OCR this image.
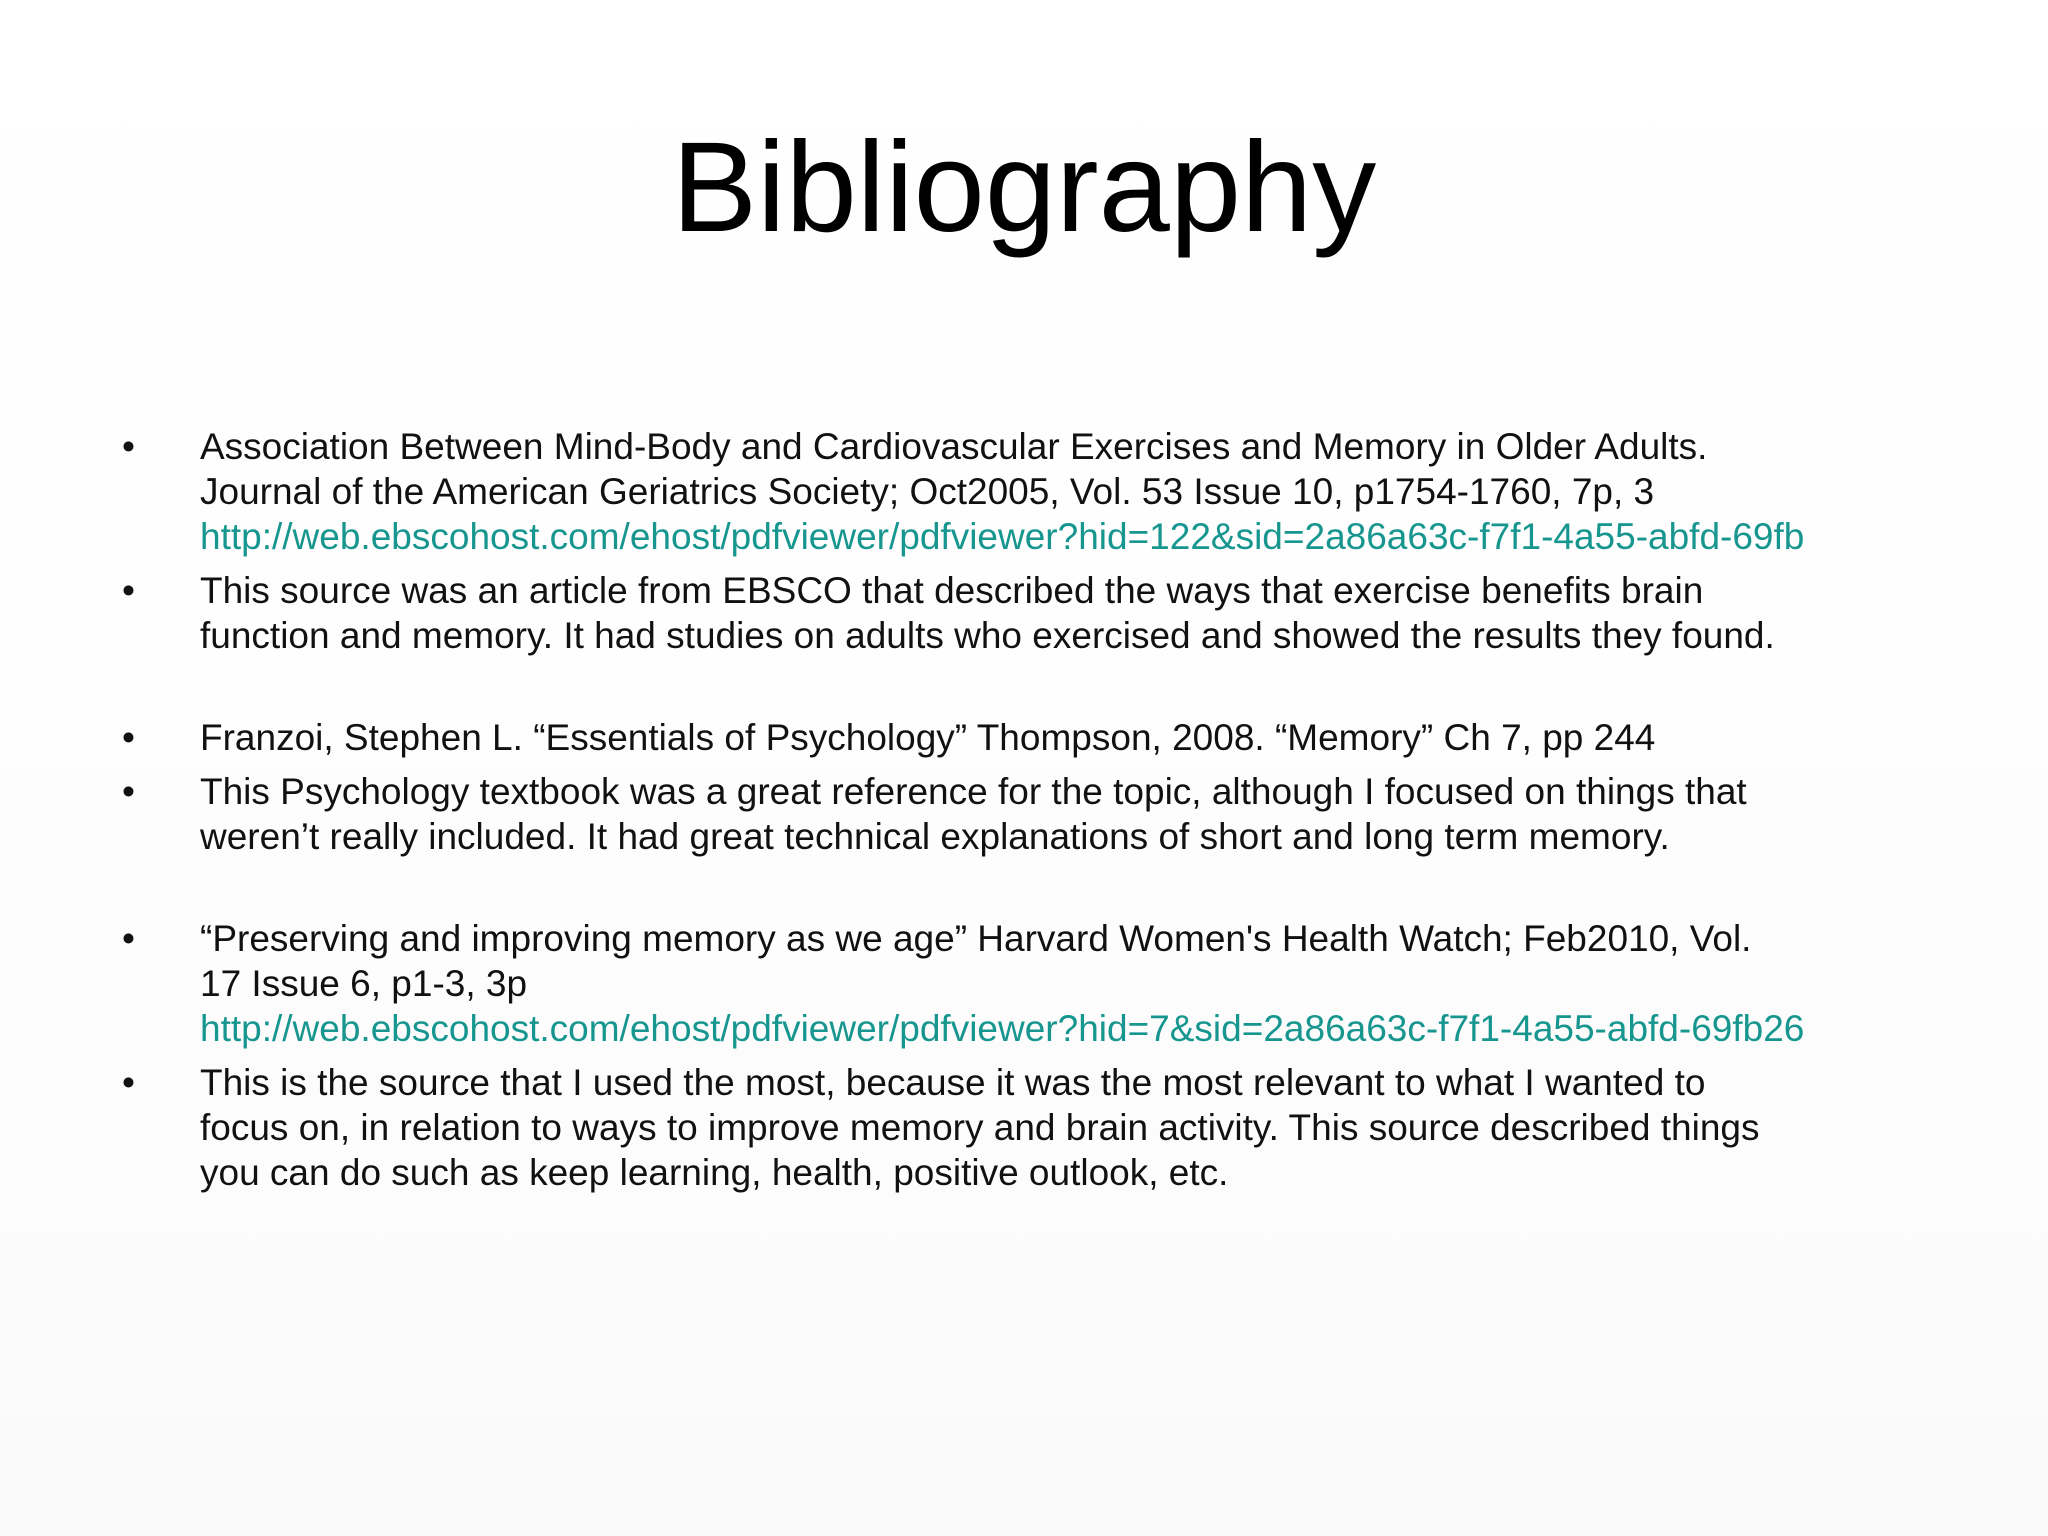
Bibliography
• Association Between Mind-Body and Cardiovascular Exercises and Memory in Older Adults.
Journal of the American Geriatrics Society; Oct2005, Vol. 53 Issue 10, p1754-1760, 7p, 3
http://web.ebscohost.com/ehost/pdfviewer/pdfviewer?hid=122&sid=2a86a63c-f7f1-4a55-abfd-69fb
• This source was an article from EBSCO that described the ways that exercise benefits brain
function and memory. It had studies on adults who exercised and showed the results they found.
• Franzoi, Stephen L. “Essentials of Psychology” Thompson, 2008. “Memory” Ch 7, pp 244
• This Psychology textbook was a great reference for the topic, although I focused on things that
weren’t really included. It had great technical explanations of short and long term memory.
• “Preserving and improving memory as we age” Harvard Women's Health Watch; Feb2010, Vol.
17 Issue 6, p1-3, 3p
http://web.ebscohost.com/ehost/pdfviewer/pdfviewer?hid=7&sid=2a86a63c-f7f1-4a55-abfd-69fb26
• This is the source that I used the most, because it was the most relevant to what I wanted to
focus on, in relation to ways to improve memory and brain activity. This source described things
you can do such as keep learning, health, positive outlook, etc.
